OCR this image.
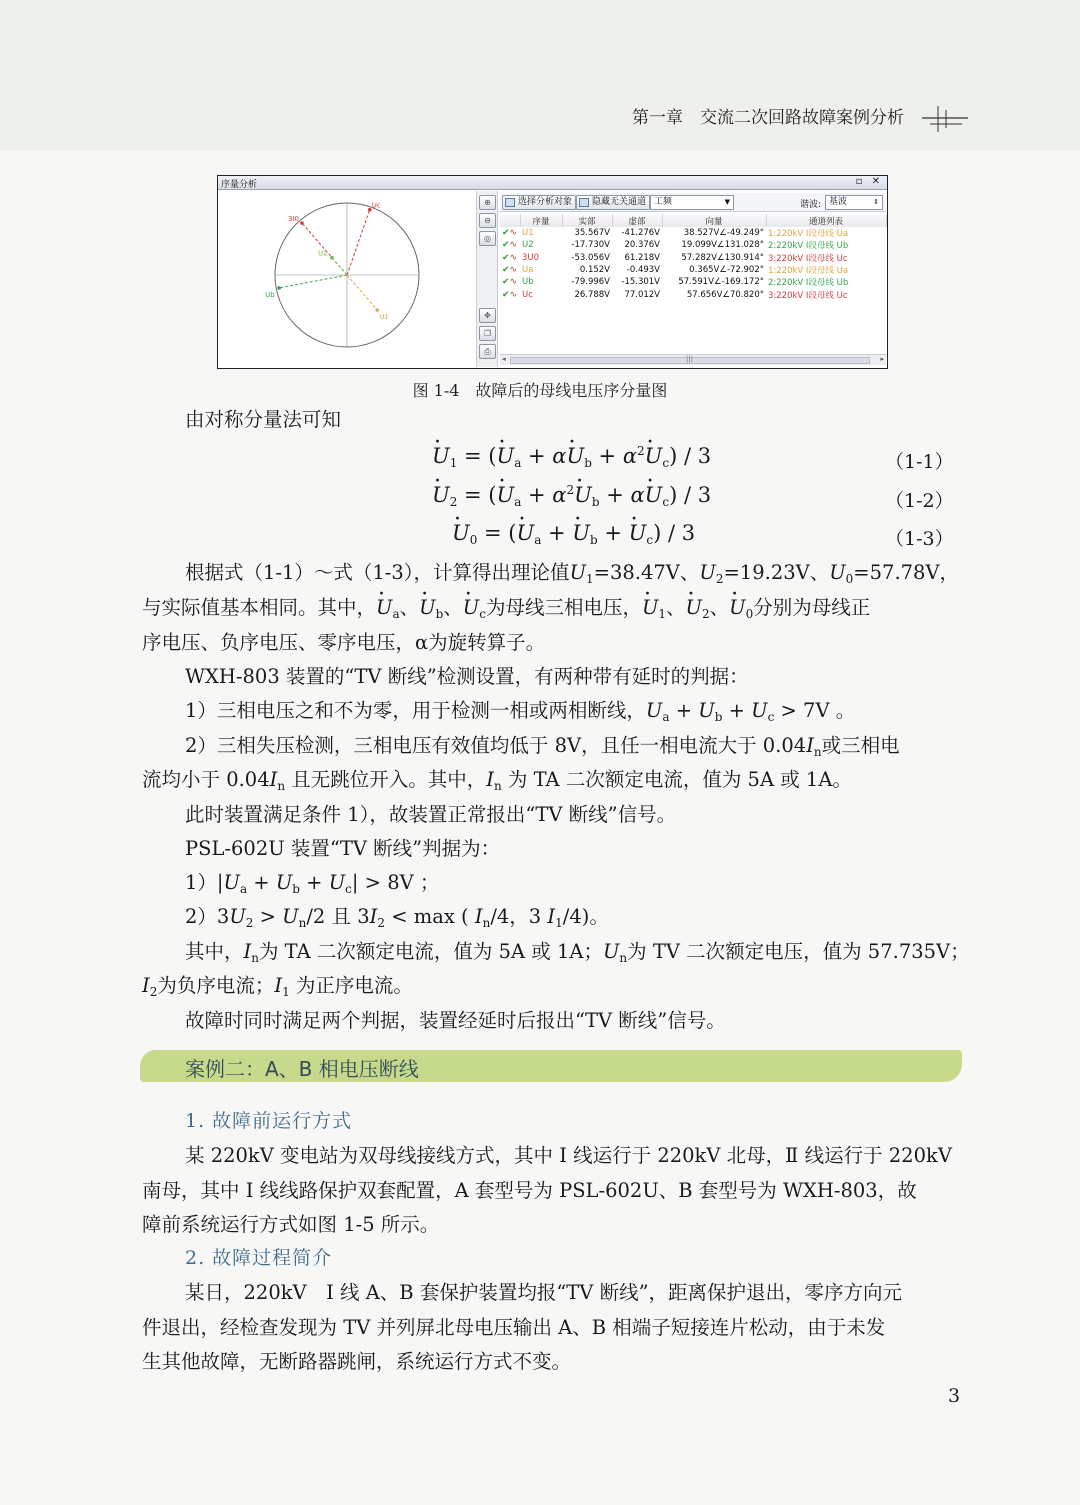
第一章　交流二次回路故障案例分析
序量分析	▫ ✕
3I0
Uc
U2
Ub
U1
⊕
⊖
◎
✥
❐
⎙
选择分析对象	隐藏无关通道 工频	▼	谐波: 基波	⇕
	序量	实部	虚部	向量	通道列表
✔∿	U1	35.567V	-41.276V	38.527V∠-49.249°	1:220kV Ⅰ段母线 Ua
✔∿	U2	-17.730V	20.376V	19.099V∠131.028°	2:220kV Ⅰ段母线 Ub
✔∿	3U0	-53.056V	61.218V	57.282V∠130.914°	3:220kV Ⅰ段母线 Uc
✔∿	Ua	0.152V	-0.493V	0.365V∠-72.902°	1:220kV Ⅰ段母线 Ua
✔∿	Ub	-79.996V	-15.301V	57.591V∠-169.172°	2:220kV Ⅰ段母线 Ub
✔∿	Uc	26.788V	77.012V	57.656V∠70.820°	3:220kV Ⅰ段母线 Uc
◂	|||	▸
图 1-4　故障后的母线电压序分量图
由对称分量法可知
· $U_1$ = (· $U_a + \alpha\cdot U_b + \alpha^2\cdot U_c) / 3$	（1-1）
· $U_2$ = (· $U_a + \alpha^2\cdot U_b + \alpha\cdot U_c) / 3$	（1-2）
· $U_0$ = (· $U_a$ + · $U_b$ + · $U_c) / 3$	（1-3）
根据式（1-1）～式（1-3），计算得出理论值$U_1=38.47V$、$U_2=19.23V$、$U_0=57.78V$，
与实际值基本相同。其中，· $U_a$、· $U_b$、· $U_c$为母线三相电压，· $U_1$、· $U_2$、· $U_0$分别为母线正
序电压、负序电压、零序电压，α为旋转算子。
WXH-803 装置的“TV 断线”检测设置，有两种带有延时的判据：
1）三相电压之和不为零，用于检测一相或两相断线，$U_a + U_b + U_c > 7V$ 。
2）三相失压检测，三相电压有效值均低于 8V，且任一相电流大于 $0.04I_n$或三相电
流均小于 $0.04I_n$ 且无跳位开入。其中，$I_n$ 为 TA 二次额定电流，值为 5A 或 1A。
此时装置满足条件 1），故装置正常报出“TV 断线”信号。
PSL-602U 装置“TV 断线”判据为：
$1)|U_a + U_b + U_c| > 8V$ ；
$2)3U_2 > U_n/2$ 且 $3I_2 < \max$ ( $I_n/4$，3 $I_1/4$)。
其中，$I_n$为 TA 二次额定电流，值为 5A 或 1A；$U_n$为 TV 二次额定电压，值为 57.735V；
$I_2$为负序电流；$I_1$ 为正序电流。
故障时同时满足两个判据，装置经延时后报出“TV 断线”信号。
案例二：A、B 相电压断线
1. 故障前运行方式
某 220kV 变电站为双母线接线方式，其中 Ⅰ 线运行于 220kV 北母，Ⅱ 线运行于 220kV
南母，其中 Ⅰ 线线路保护双套配置，A 套型号为 PSL-602U、B 套型号为 WXH-803，故
障前系统运行方式如图 1-5 所示。
2. 故障过程简介
某日，220kV　Ⅰ 线 A、B 套保护装置均报“TV 断线”，距离保护退出，零序方向元
件退出，经检查发现为 TV 并列屏北母电压输出 A、B 相端子短接连片松动，由于未发
生其他故障，无断路器跳闸，系统运行方式不变。
3
